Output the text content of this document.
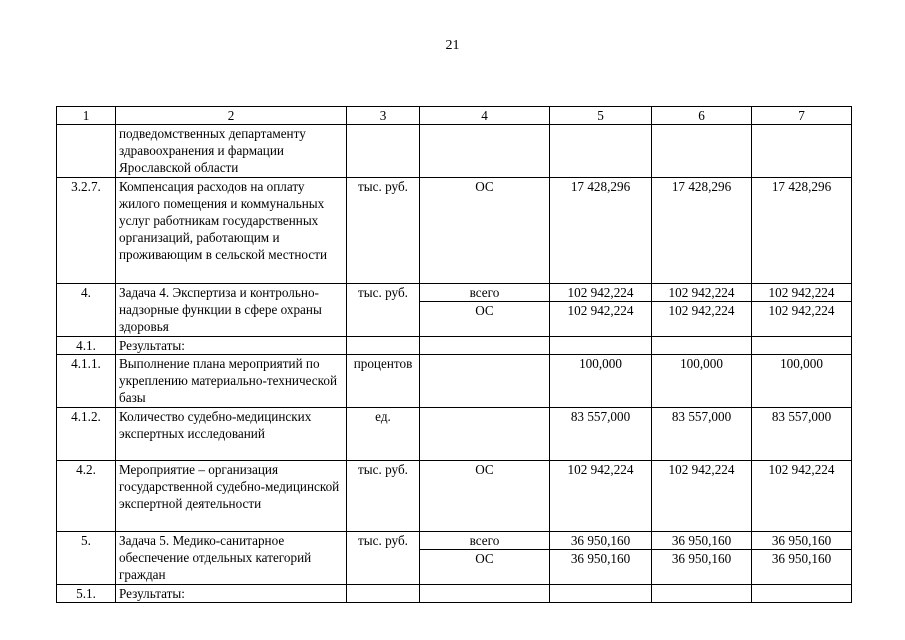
21
1	2	3	4	5	6	7
	подведомственных департаменту здравоохранения и фармации Ярославской области					
3.2.7.	Компенсация расходов на оплату жилого помещения и коммунальных услуг работникам государственных организаций, работающим и проживающим в сельской местности	тыс. руб.	ОС	17 428,296	17 428,296	17 428,296
4.	Задача 4. Экспертиза и контрольно-надзорные функции в сфере охраны здоровья	тыс. руб.	всего	102 942,224	102 942,224	102 942,224
			ОС	102 942,224	102 942,224	102 942,224
4.1.	Результаты:					
4.1.1.	Выполнение плана мероприятий по укреплению материально-технической базы	процентов		100,000	100,000	100,000
4.1.2.	Количество судебно-медицинских экспертных исследований	ед.		83 557,000	83 557,000	83 557,000
4.2.	Мероприятие – организация государственной судебно-медицинской экспертной деятельности	тыс. руб.	ОС	102 942,224	102 942,224	102 942,224
5.	Задача 5. Медико-санитарное обеспечение отдельных категорий граждан	тыс. руб.	всего	36 950,160	36 950,160	36 950,160
			ОС	36 950,160	36 950,160	36 950,160
5.1.	Результаты:					
